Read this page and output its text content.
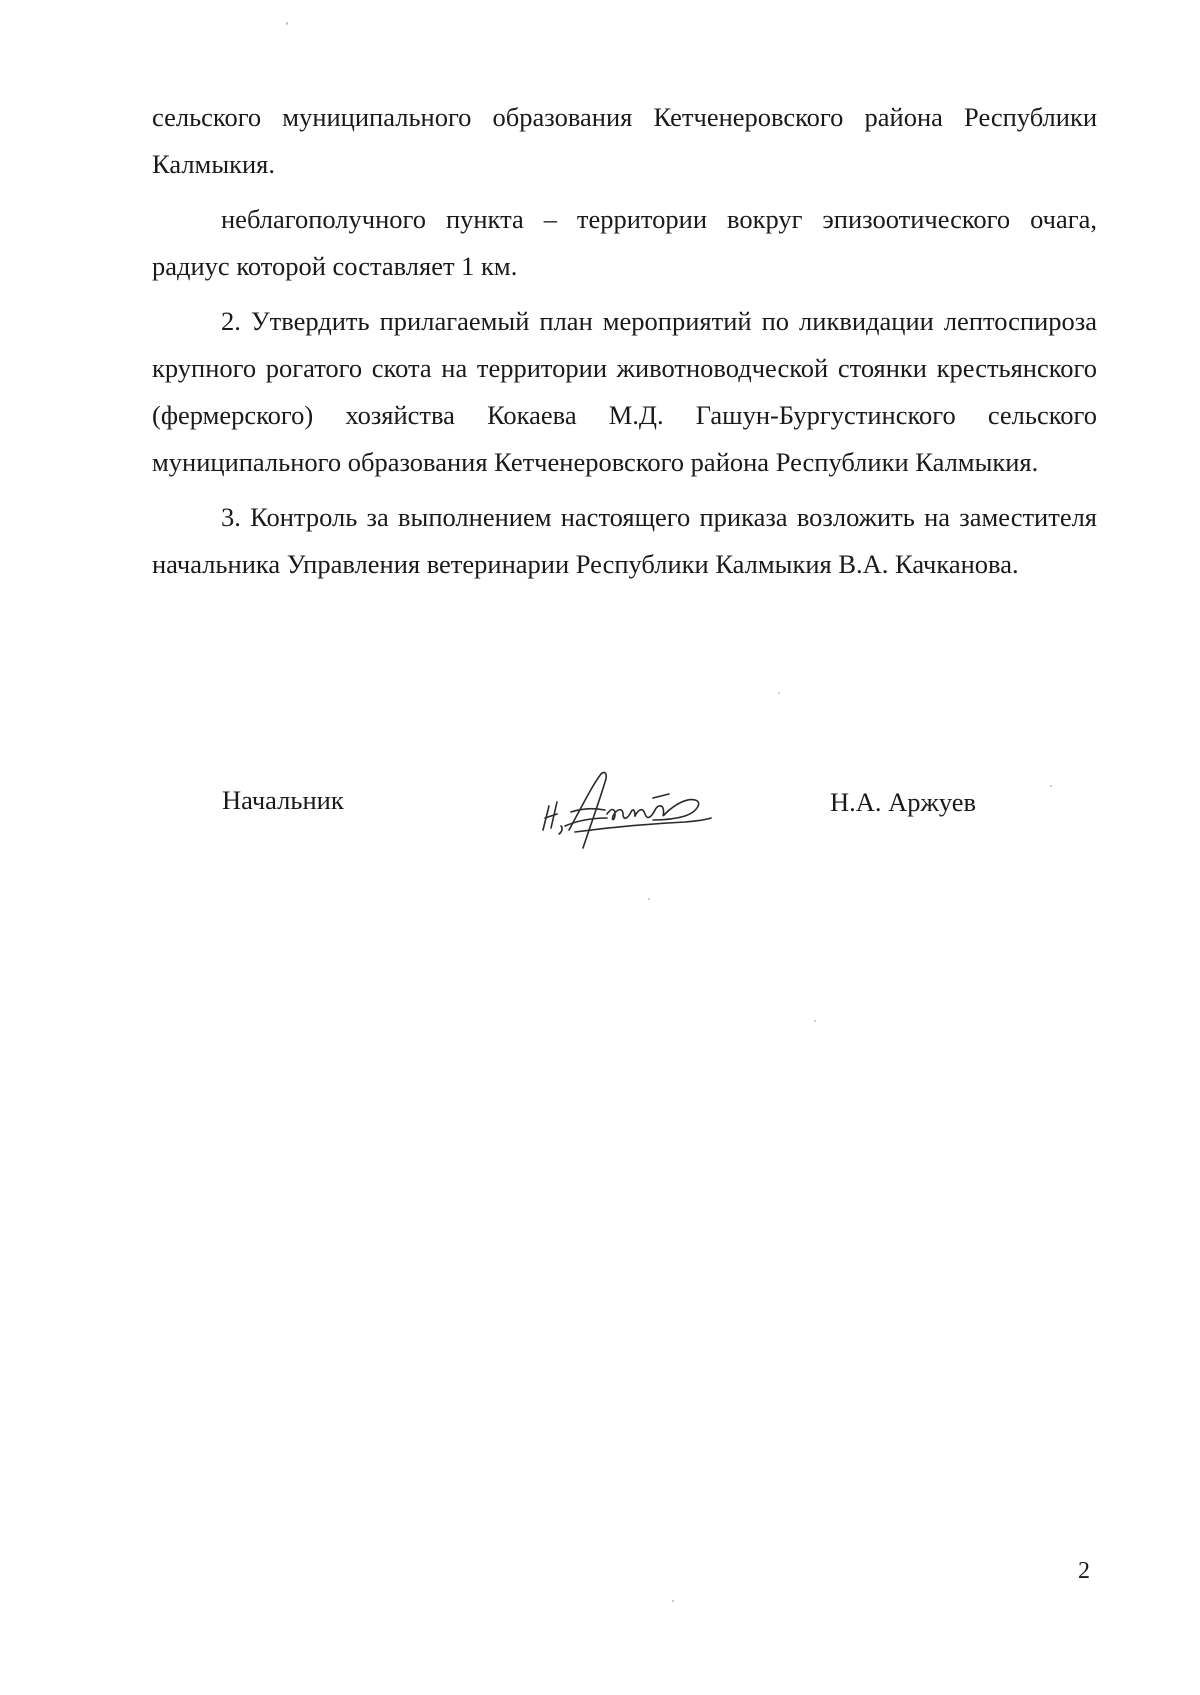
сельского муниципального образования Кетченеровского района Республики Калмыкия.

неблагополучного пункта – территории вокруг эпизоотического очага, радиус которой составляет 1 км.

2. Утвердить прилагаемый план мероприятий по ликвидации лептоспироза крупного рогатого скота на территории животноводческой стоянки крестьянского (фермерского) хозяйства Кокаева М.Д. Гашун-Бургустинского сельского муниципального образования Кетченеровского района Республики Калмыкия.

3. Контроль за выполнением настоящего приказа возложить на заместителя начальника Управления ветеринарии Республики Калмыкия В.А. Качканова.

Начальник	Н.А. Аржуев
2
